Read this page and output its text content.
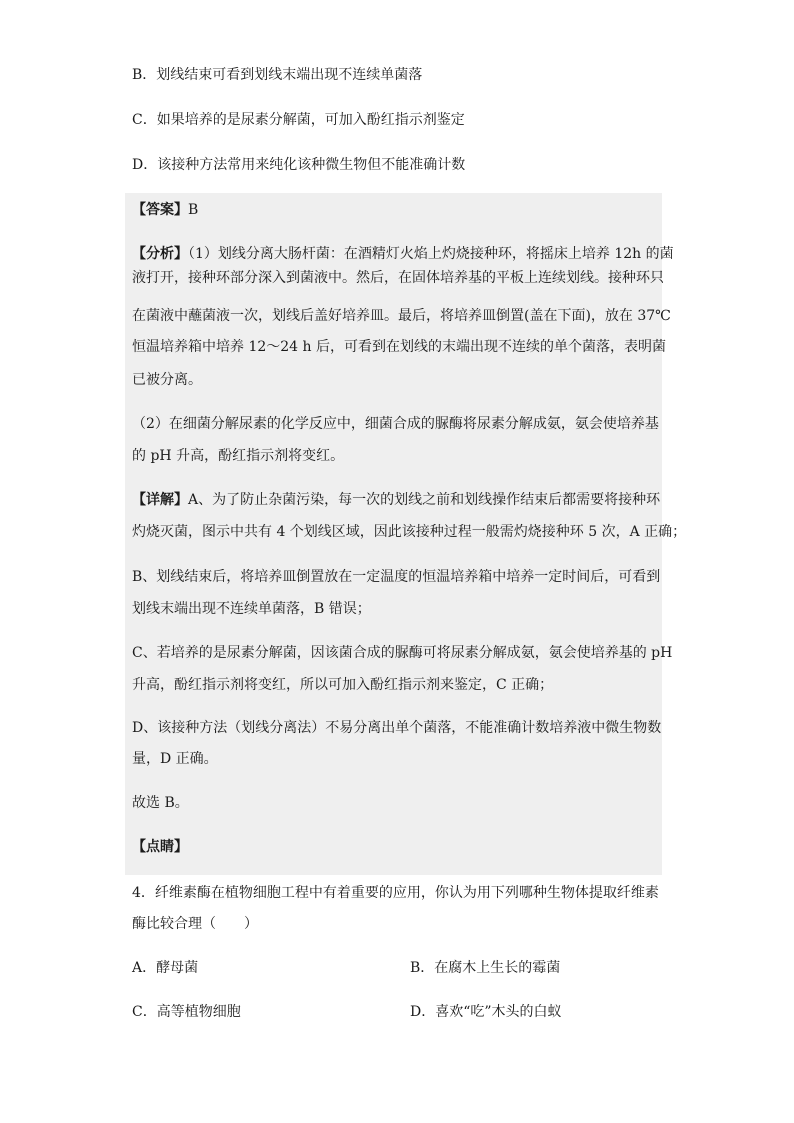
B．划线结束可看到划线末端出现不连续单菌落
C．如果培养的是尿素分解菌，可加入酚红指示剂鉴定
D．该接种方法常用来纯化该种微生物但不能准确计数
【答案】B
【分析】（1）划线分离大肠杆菌：在酒精灯火焰上灼烧接种环，将摇床上培养 12h 的菌
液打开，接种环部分深入到菌液中。然后，在固体培养基的平板上连续划线。接种环只
在菌液中蘸菌液一次，划线后盖好培养皿。最后，将培养皿倒置(盖在下面)，放在 37℃
恒温培养箱中培养 12～24 h 后，可看到在划线的末端出现不连续的单个菌落，表明菌
已被分离。
（2）在细菌分解尿素的化学反应中，细菌合成的脲酶将尿素分解成氨，氨会使培养基
的 pH 升高，酚红指示剂将变红。
【详解】A、为了防止杂菌污染，每一次的划线之前和划线操作结束后都需要将接种环
灼烧灭菌，图示中共有 4 个划线区域，因此该接种过程一般需灼烧接种环 5 次，A 正确；
B、划线结束后，将培养皿倒置放在一定温度的恒温培养箱中培养一定时间后，可看到
划线末端出现不连续单菌落，B 错误；
C、若培养的是尿素分解菌，因该菌合成的脲酶可将尿素分解成氨，氨会使培养基的 pH
升高，酚红指示剂将变红，所以可加入酚红指示剂来鉴定，C 正确；
D、该接种方法（划线分离法）不易分离出单个菌落，不能准确计数培养液中微生物数
量，D 正确。
故选 B。
【点睛】
4．纤维素酶在植物细胞工程中有着重要的应用，你认为用下列哪种生物体提取纤维素
酶比较合理（　　）
A．酵母菌	B．在腐木上生长的霉菌
C．高等植物细胞	D．喜欢“吃”木头的白蚁
